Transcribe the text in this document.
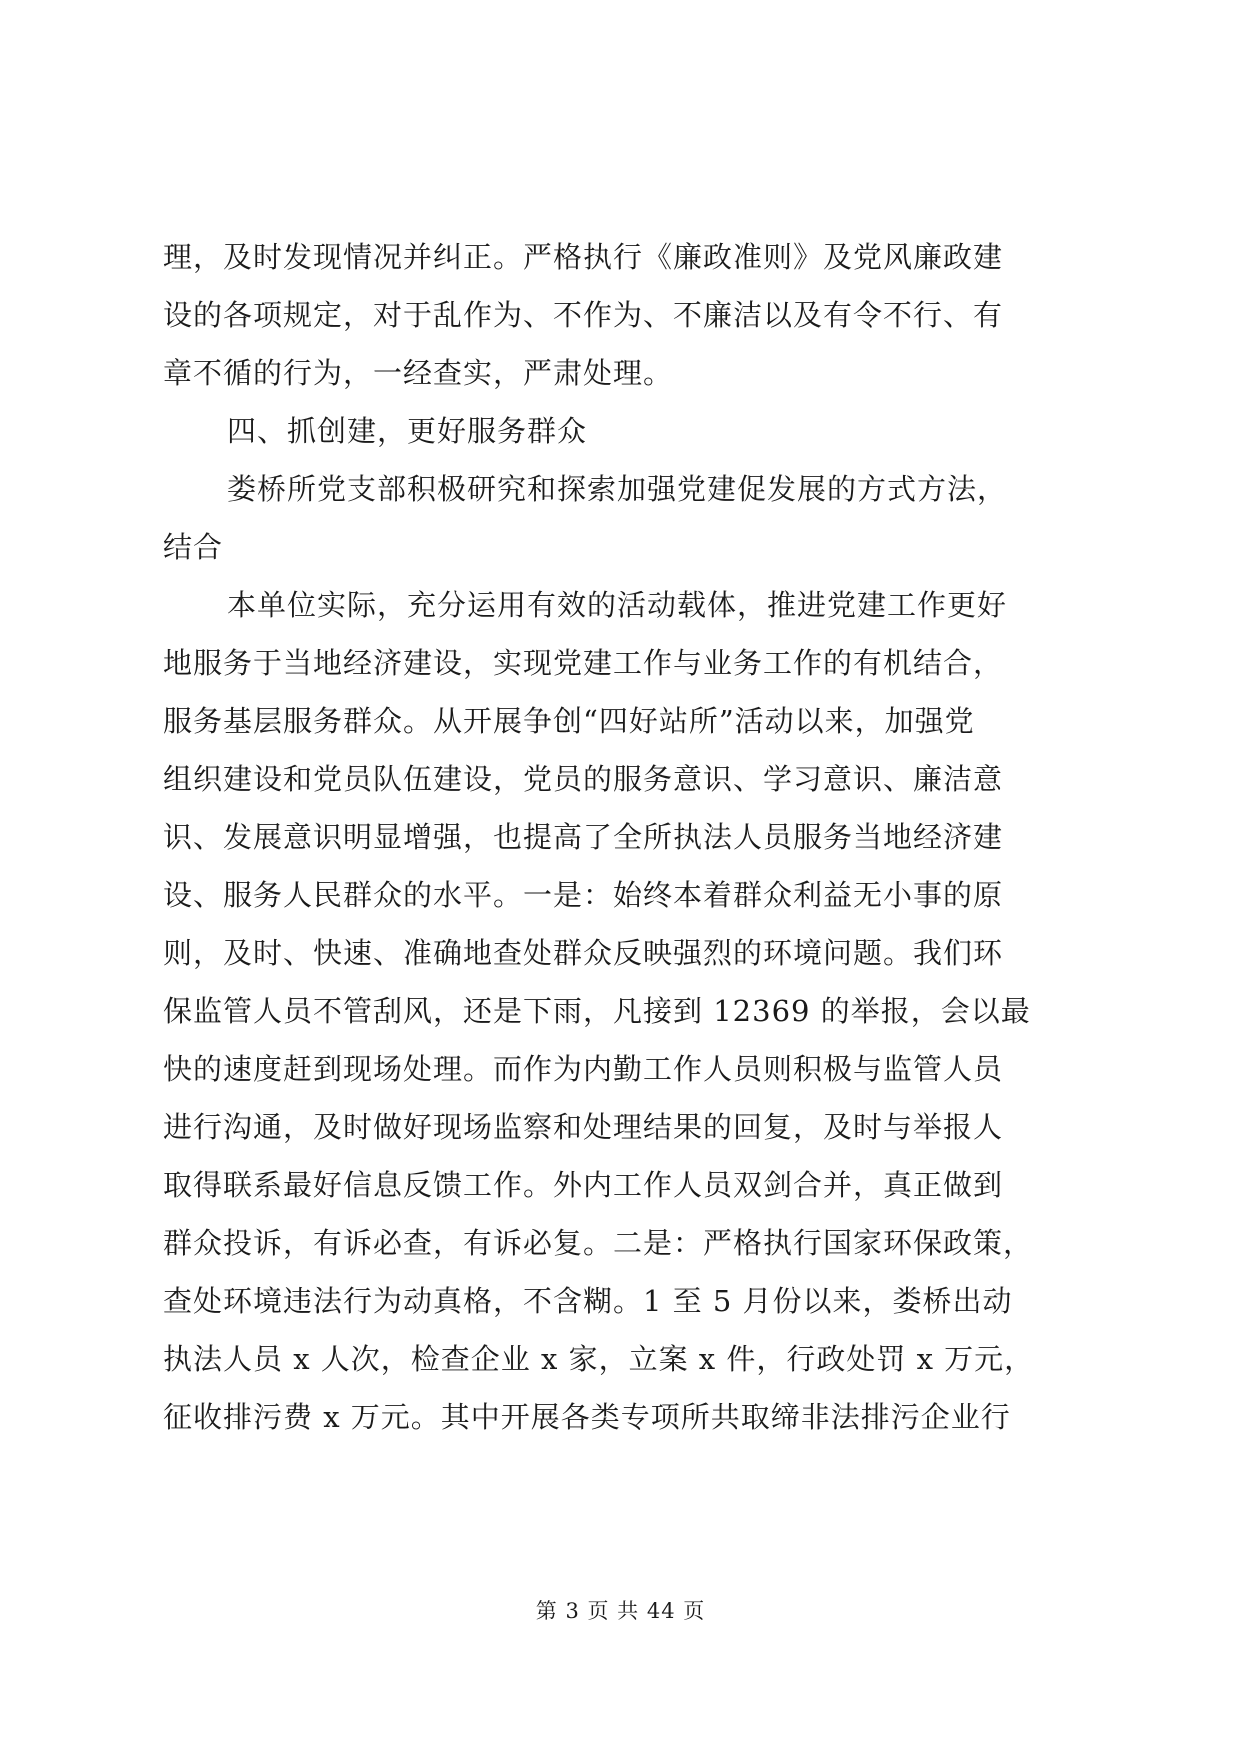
理，及时发现情况并纠正。严格执行《廉政准则》及党风廉政建
设的各项规定，对于乱作为、不作为、不廉洁以及有令不行、有
章不循的行为，一经查实，严肃处理。
四、抓创建，更好服务群众
娄桥所党支部积极研究和探索加强党建促发展的方式方法，
结合
本单位实际，充分运用有效的活动载体，推进党建工作更好
地服务于当地经济建设，实现党建工作与业务工作的有机结合，
服务基层服务群众。从开展争创“四好站所”活动以来，加强党
组织建设和党员队伍建设，党员的服务意识、学习意识、廉洁意
识、发展意识明显增强，也提高了全所执法人员服务当地经济建
设、服务人民群众的水平。一是：始终本着群众利益无小事的原
则，及时、快速、准确地查处群众反映强烈的环境问题。我们环
保监管人员不管刮风，还是下雨，凡接到 12369 的举报，会以最
快的速度赶到现场处理。而作为内勤工作人员则积极与监管人员
进行沟通，及时做好现场监察和处理结果的回复，及时与举报人
取得联系最好信息反馈工作。外内工作人员双剑合并，真正做到
群众投诉，有诉必查，有诉必复。二是：严格执行国家环保政策，
查处环境违法行为动真格，不含糊。1 至 5 月份以来，娄桥出动
执法人员 x 人次，检查企业 x 家，立案 x 件，行政处罚 x 万元，
征收排污费 x 万元。其中开展各类专项所共取缔非法排污企业行
第 3 页 共 44 页
